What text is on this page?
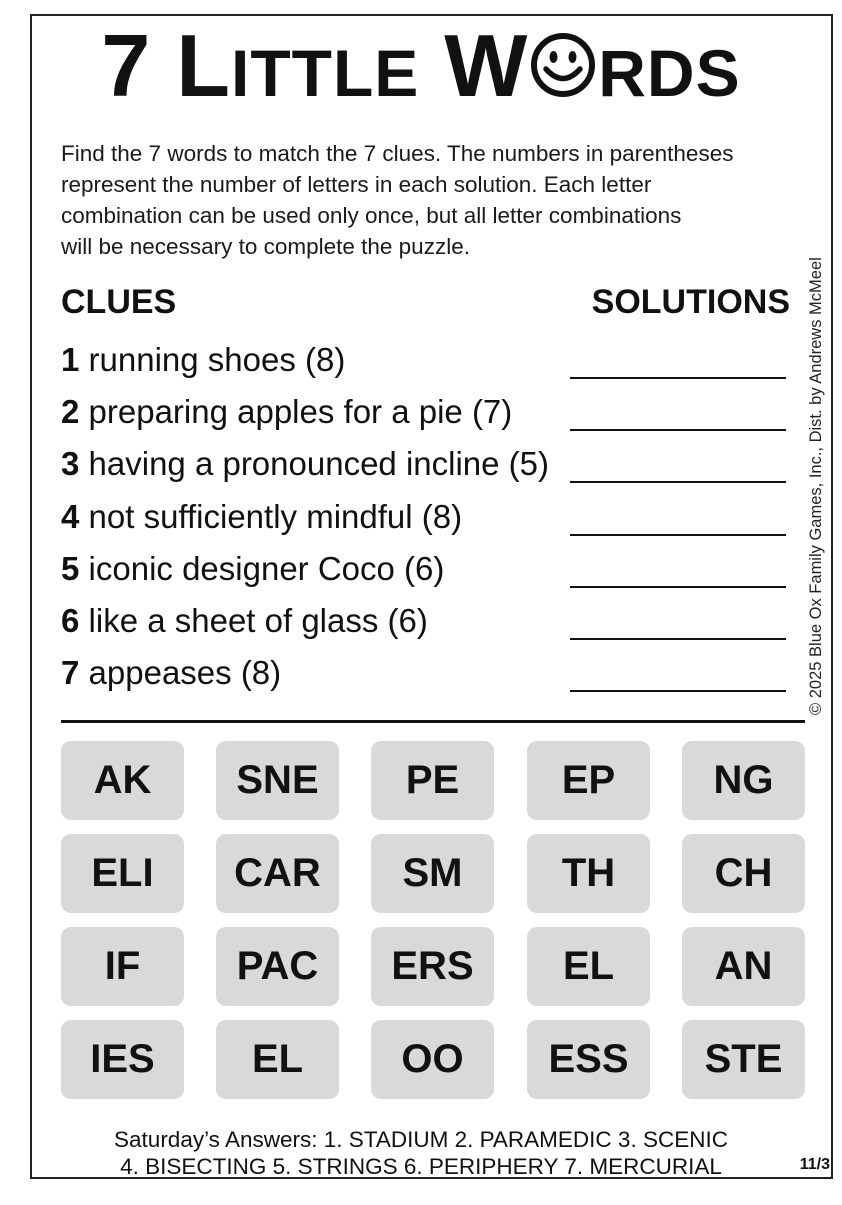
7 LITTLE W RDS

Find the 7 words to match the 7 clues. The numbers in parentheses

represent the number of letters in each solution. Each letter

combination can be used only once, but all letter combinations

will be necessary to complete the puzzle.

© 2025 Blue Ox Family Games, Inc., Dist. by Andrews McMeel
CLUES	SOLUTIONS
1 running shoes (8)
2 preparing apples for a pie (7)
3 having a pronounced incline (5)
4 not sufficiently mindful (8)
5 iconic designer Coco (6)
6 like a sheet of glass (6)
7 appeases (8)
AK	SNE	PE	EP	NG
ELI	CAR	SM	TH	CH
IF	PAC	ERS	EL	AN
IES	EL	OO	ESS	STE
Saturday’s Answers: 1. STADIUM 2. PARAMEDIC 3. SCENIC
4. BISECTING 5. STRINGS 6. PERIPHERY 7. MERCURIAL	11/3
